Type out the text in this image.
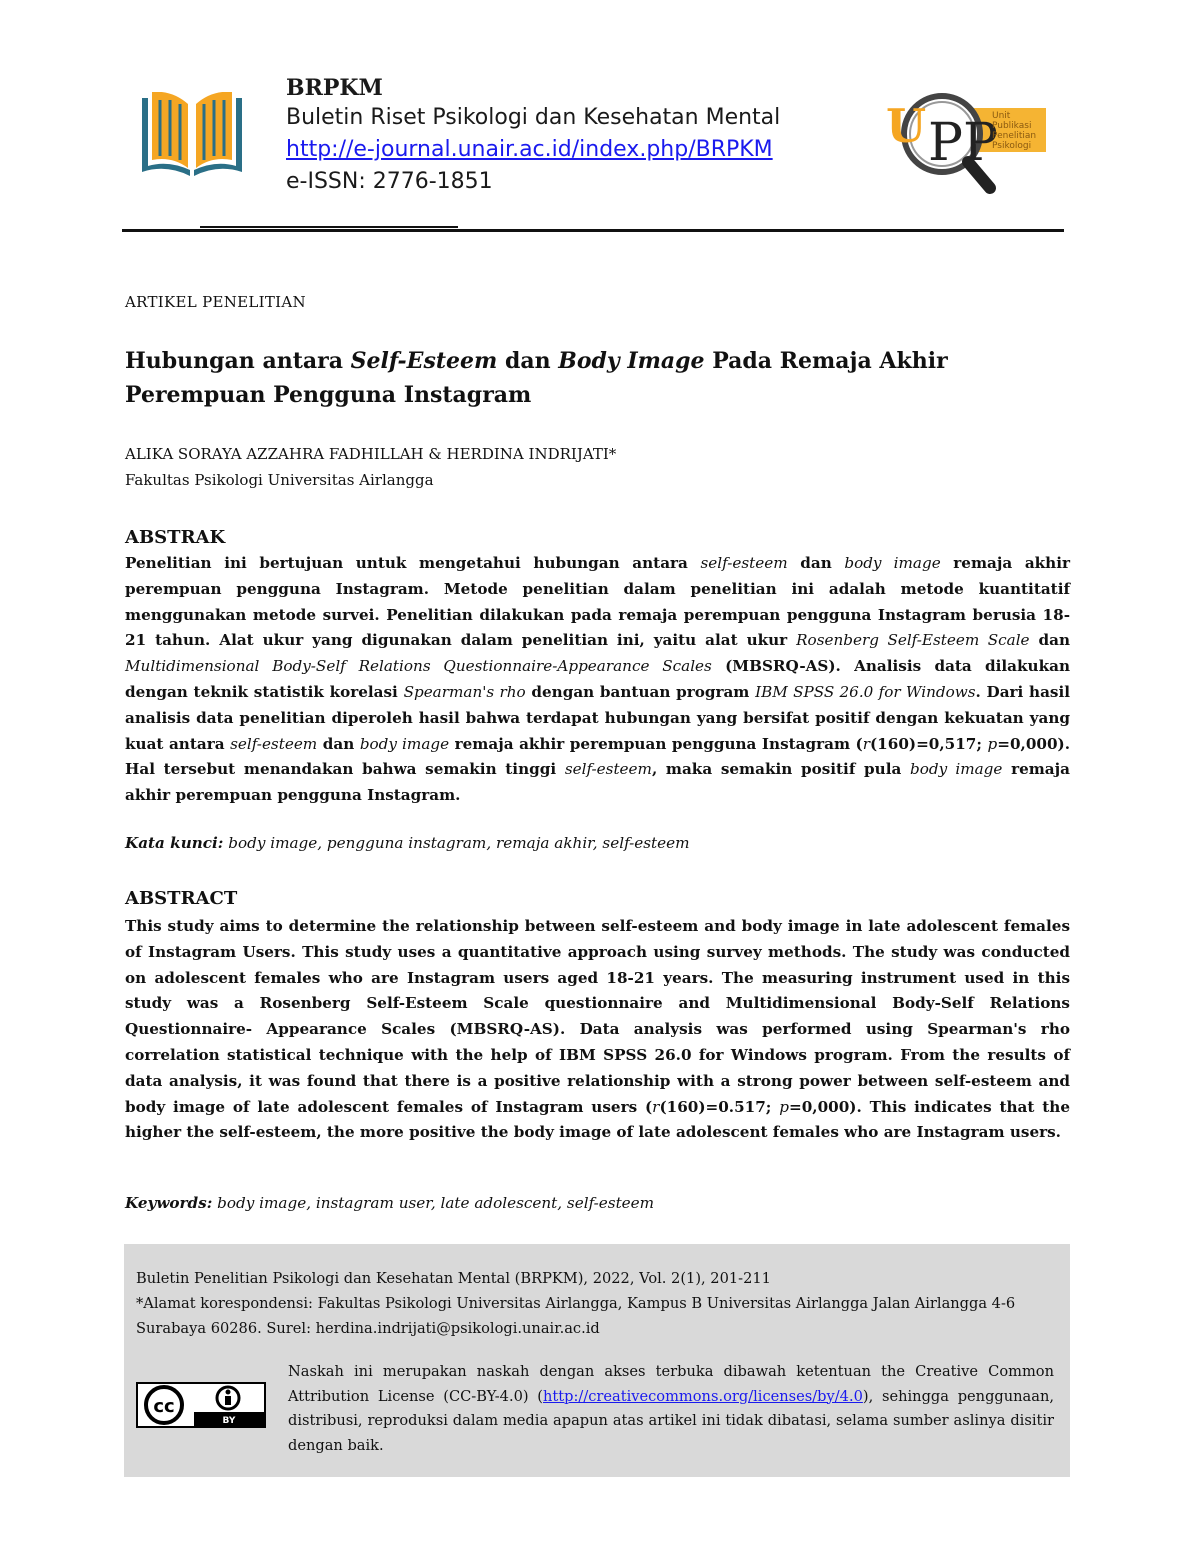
BRPKM
Buletin Riset Psikologi dan Kesehatan Mental
http://e-journal.unair.ac.id/index.php/BRPKM
e-ISSN: 2776-1851
U PP
Unit
Publikasi
Penelitian
Psikologi
ARTIKEL PENELITIAN
Hubungan antara Self-Esteem dan Body Image Pada Remaja Akhir Perempuan Pengguna Instagram
ALIKA SORAYA AZZAHRA FADHILLAH & HERDINA INDRIJATI*
Fakultas Psikologi Universitas Airlangga
ABSTRAK
Penelitian ini bertujuan untuk mengetahui hubungan antara self-esteem dan body image remaja akhir perempuan pengguna Instagram. Metode penelitian dalam penelitian ini adalah metode kuantitatif menggunakan metode survei. Penelitian dilakukan pada remaja perempuan pengguna Instagram berusia 18-21 tahun. Alat ukur yang digunakan dalam penelitian ini, yaitu alat ukur Rosenberg Self-Esteem Scale dan Multidimensional Body-Self Relations Questionnaire-Appearance Scales (MBSRQ-AS). Analisis data dilakukan dengan teknik statistik korelasi Spearman's rho dengan bantuan program IBM SPSS 26.0 for Windows. Dari hasil analisis data penelitian diperoleh hasil bahwa terdapat hubungan yang bersifat positif dengan kekuatan yang kuat antara self-esteem dan body image remaja akhir perempuan pengguna Instagram (r(160)=0,517; p=0,000). Hal tersebut menandakan bahwa semakin tinggi self-esteem, maka semakin positif pula body image remaja akhir perempuan pengguna Instagram.
Kata kunci: body image, pengguna instagram, remaja akhir, self-esteem
ABSTRACT
This study aims to determine the relationship between self-esteem and body image in late adolescent females of Instagram Users. This study uses a quantitative approach using survey methods. The study was conducted on adolescent females who are Instagram users aged 18-21 years. The measuring instrument used in this study was a Rosenberg Self-Esteem Scale questionnaire and Multidimensional Body-Self Relations Questionnaire- Appearance Scales (MBSRQ-AS). Data analysis was performed using Spearman's rho correlation statistical technique with the help of IBM SPSS 26.0 for Windows program. From the results of data analysis, it was found that there is a positive relationship with a strong power between self-esteem and body image of late adolescent females of Instagram users (r(160)=0.517; p=0,000). This indicates that the higher the self-esteem, the more positive the body image of late adolescent females who are Instagram users.
Keywords: body image, instagram user, late adolescent, self-esteem
Buletin Penelitian Psikologi dan Kesehatan Mental (BRPKM), 2022, Vol. 2(1), 201-211
*Alamat korespondensi: Fakultas Psikologi Universitas Airlangga, Kampus B Universitas Airlangga Jalan Airlangga 4-6 Surabaya 60286. Surel: herdina.indrijati@psikologi.unair.ac.id
cc
BY
Naskah ini merupakan naskah dengan akses terbuka dibawah ketentuan the Creative Common Attribution License (CC-BY-4.0) (http://creativecommons.org/licenses/by/4.0), sehingga penggunaan, distribusi, reproduksi dalam media apapun atas artikel ini tidak dibatasi, selama sumber aslinya disitir dengan baik.
